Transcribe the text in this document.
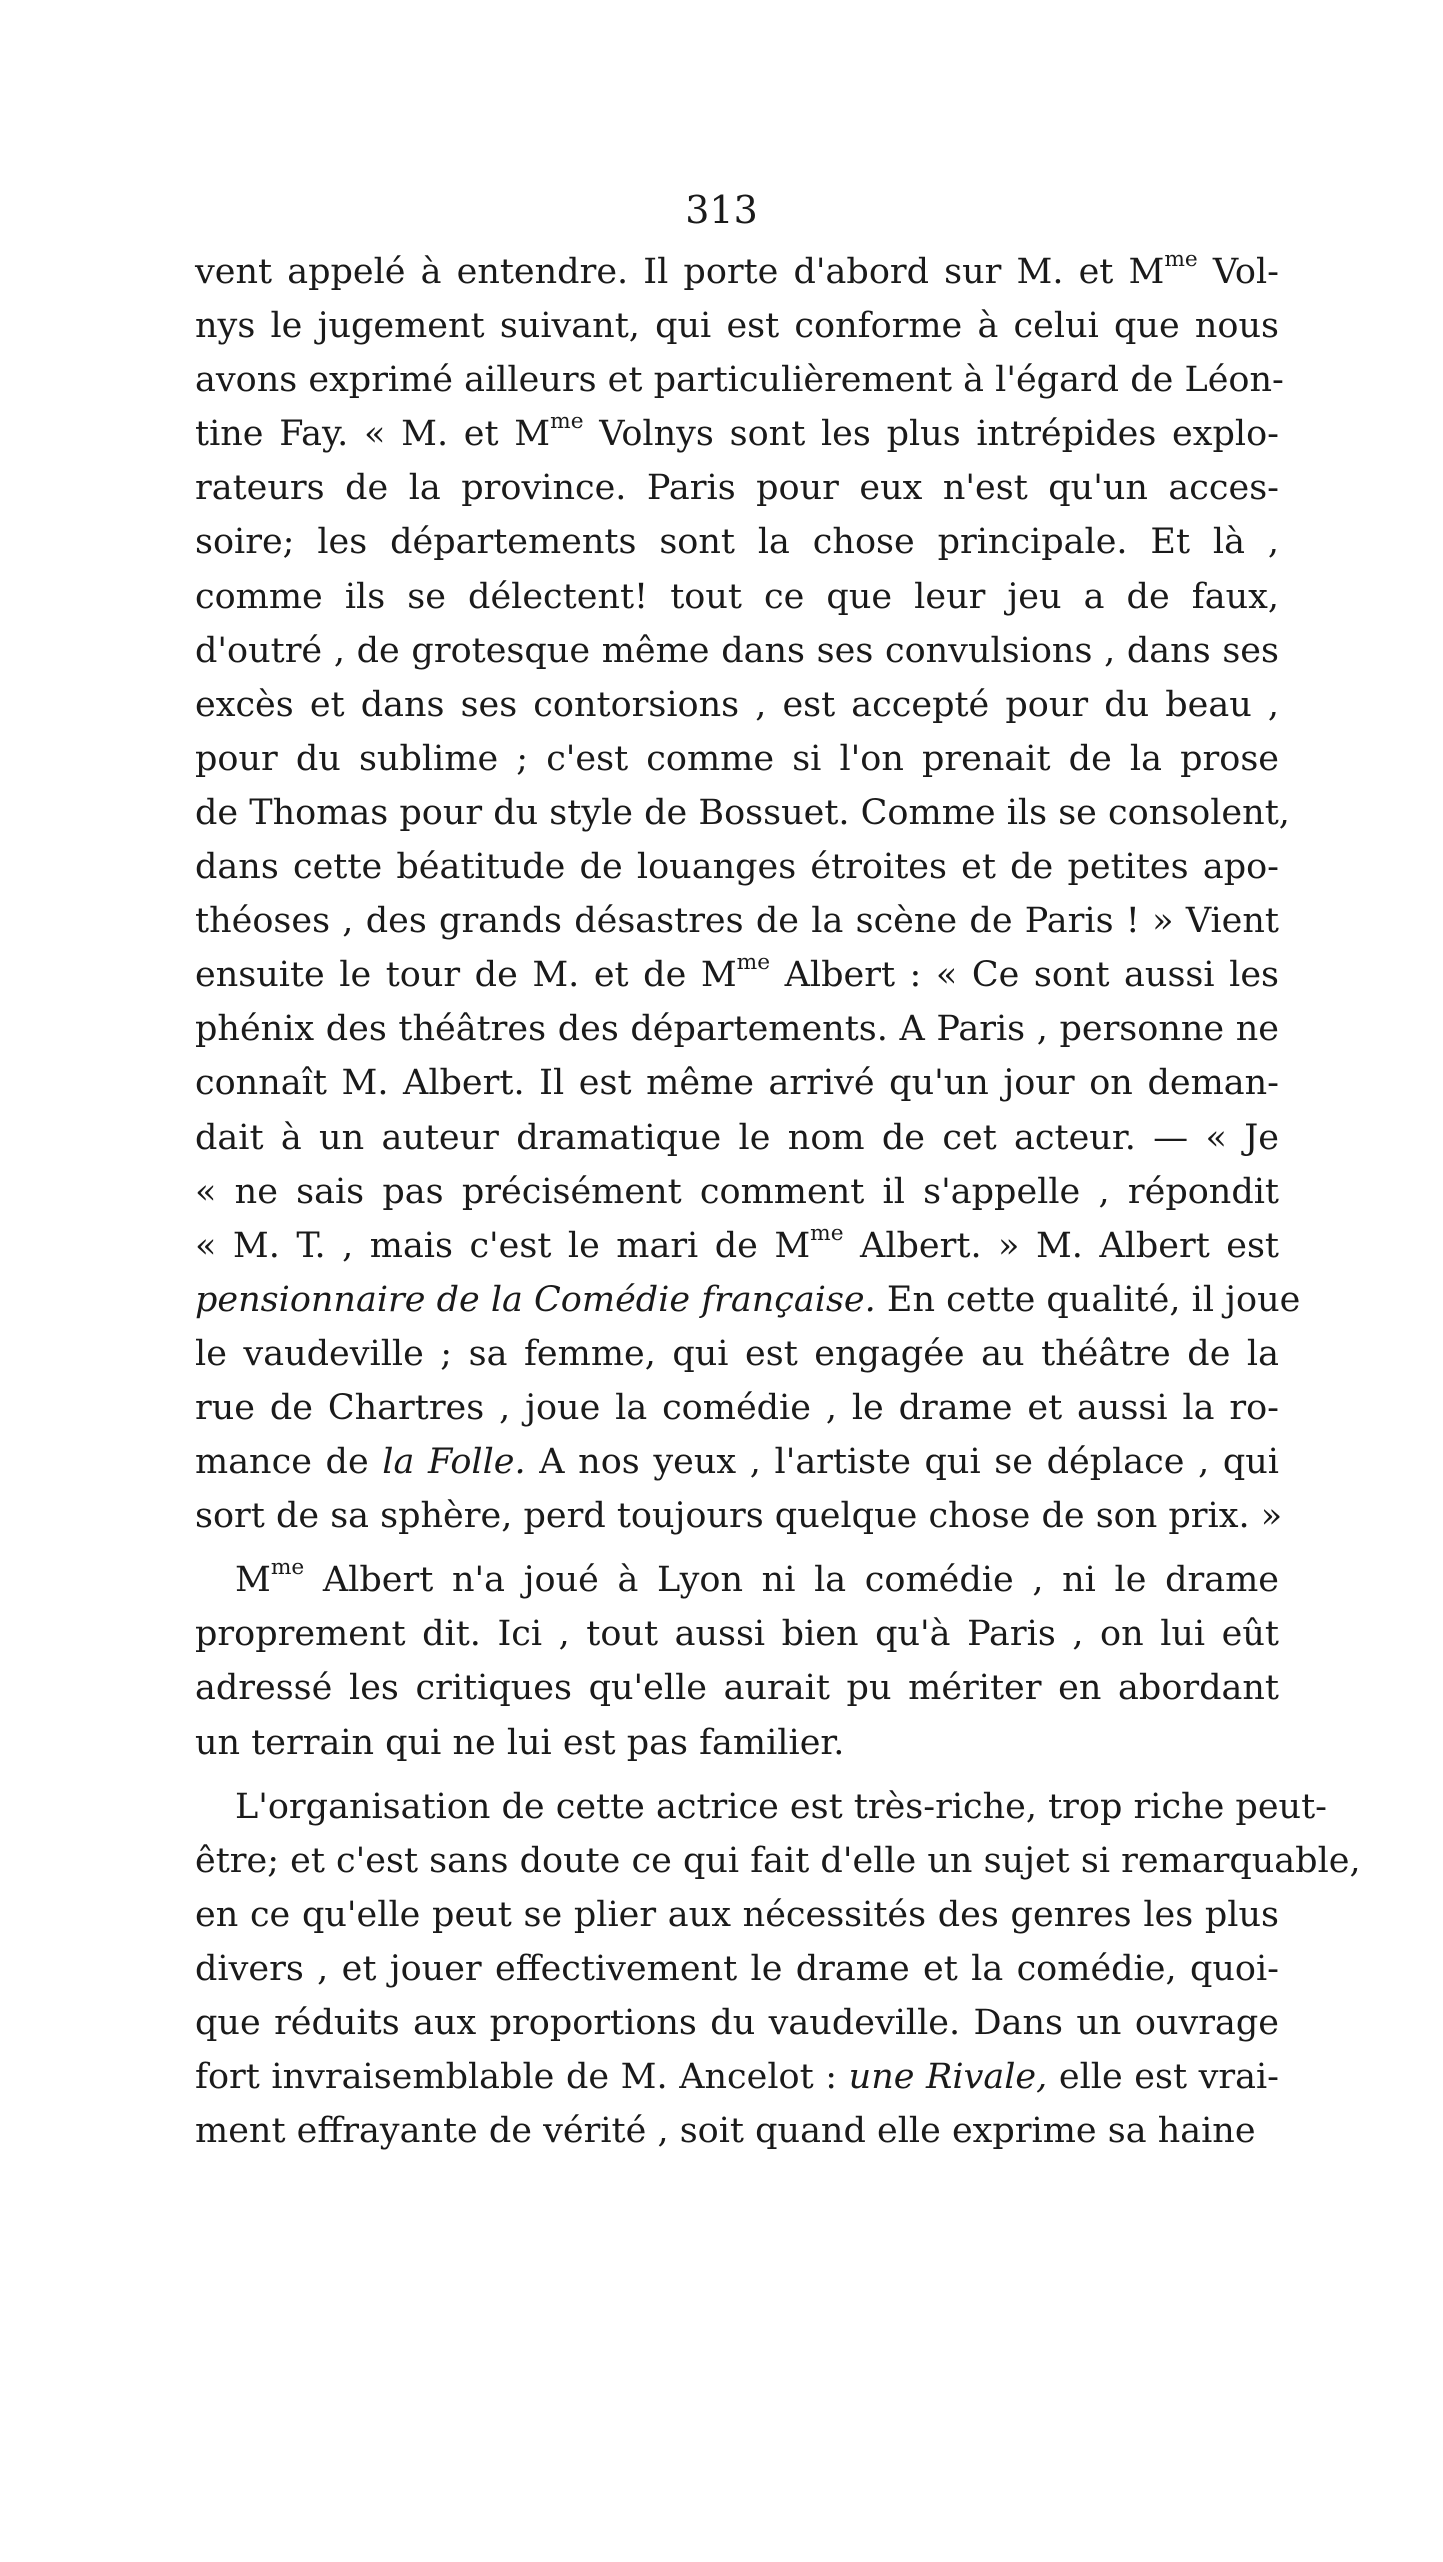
313
vent appelé à entendre. Il porte d'abord sur M. et $M^{me}$ Vol-
nys le jugement suivant, qui est conforme à celui que nous
avons exprimé ailleurs et particulièrement à l'égard de Léon-
tine Fay. « M. et $M^{me}$ Volnys sont les plus intrépides explo-
rateurs de la province. Paris pour eux n'est qu'un acces-
soire; les départements sont la chose principale. Et là ,
comme ils se délectent! tout ce que leur jeu a de faux,
d'outré , de grotesque même dans ses convulsions , dans ses
excès et dans ses contorsions , est accepté pour du beau ,
pour du sublime ; c'est comme si l'on prenait de la prose
de Thomas pour du style de Bossuet. Comme ils se consolent,
dans cette béatitude de louanges étroites et de petites apo-
théoses , des grands désastres de la scène de Paris ! » Vient
ensuite le tour de M. et de $M^{me}$ Albert : « Ce sont aussi les
phénix des théâtres des départements. A Paris , personne ne
connaît M. Albert. Il est même arrivé qu'un jour on deman-
dait à un auteur dramatique le nom de cet acteur. — « Je
« ne sais pas précisément comment il s'appelle , répondit
« M. T. , mais c'est le mari de $M^{me}$ Albert. » M. Albert est
pensionnaire de la Comédie française. En cette qualité, il joue
le vaudeville ; sa femme, qui est engagée au théâtre de la
rue de Chartres , joue la comédie , le drame et aussi la ro-
mance de la Folle. A nos yeux , l'artiste qui se déplace , qui
sort de sa sphère, perd toujours quelque chose de son prix. »
$M^{me}$ Albert n'a joué à Lyon ni la comédie , ni le drame
proprement dit. Ici , tout aussi bien qu'à Paris , on lui eût
adressé les critiques qu'elle aurait pu mériter en abordant
un terrain qui ne lui est pas familier.
L'organisation de cette actrice est très-riche, trop riche peut-
être; et c'est sans doute ce qui fait d'elle un sujet si remarquable,
en ce qu'elle peut se plier aux nécessités des genres les plus
divers , et jouer effectivement le drame et la comédie, quoi-
que réduits aux proportions du vaudeville. Dans un ouvrage
fort invraisemblable de M. Ancelot : une Rivale, elle est vrai-
ment effrayante de vérité , soit quand elle exprime sa haine
